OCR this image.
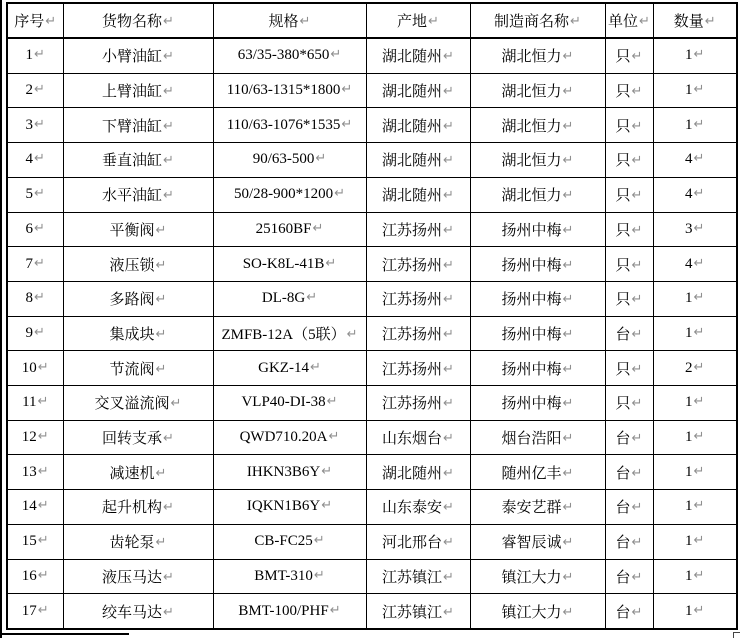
序号↵	货物名称↵	规格↵	产地↵	制造商名称↵	单位↵	数量↵
1↵	小臂油缸↵	63/35-380*650↵	湖北随州↵	湖北恒力↵	只↵	1↵
2↵	上臂油缸↵	110/63-1315*1800↵	湖北随州↵	湖北恒力↵	只↵	1↵
3↵	下臂油缸↵	110/63-1076*1535↵	湖北随州↵	湖北恒力↵	只↵	1↵
4↵	垂直油缸↵	90/63-500↵	湖北随州↵	湖北恒力↵	只↵	4↵
5↵	水平油缸↵	50/28-900*1200↵	湖北随州↵	湖北恒力↵	只↵	4↵
6↵	平衡阀↵	25160BF↵	江苏扬州↵	扬州中梅↵	只↵	3↵
7↵	液压锁↵	SO-K8L-41B↵	江苏扬州↵	扬州中梅↵	只↵	4↵
8↵	多路阀↵	DL-8G↵	江苏扬州↵	扬州中梅↵	只↵	1↵
9↵	集成块↵	ZMFB-12A（5联）↵	江苏扬州↵	扬州中梅↵	台↵	1↵
10↵	节流阀↵	GKZ-14↵	江苏扬州↵	扬州中梅↵	只↵	2↵
11↵	交叉溢流阀↵	VLP40-DI-38↵	江苏扬州↵	扬州中梅↵	只↵	1↵
12↵	回转支承↵	QWD710.20A↵	山东烟台↵	烟台浩阳↵	台↵	1↵
13↵	减速机↵	IHKN3B6Y↵	湖北随州↵	随州亿丰↵	台↵	1↵
14↵	起升机构↵	IQKN1B6Y↵	山东泰安↵	泰安艺群↵	台↵	1↵
15↵	齿轮泵↵	CB-FC25↵	河北邢台↵	睿智辰诚↵	台↵	1↵
16↵	液压马达↵	BMT-310↵	江苏镇江↵	镇江大力↵	台↵	1↵
17↵	绞车马达↵	BMT-100/PHF↵	江苏镇江↵	镇江大力↵	台↵	1↵
